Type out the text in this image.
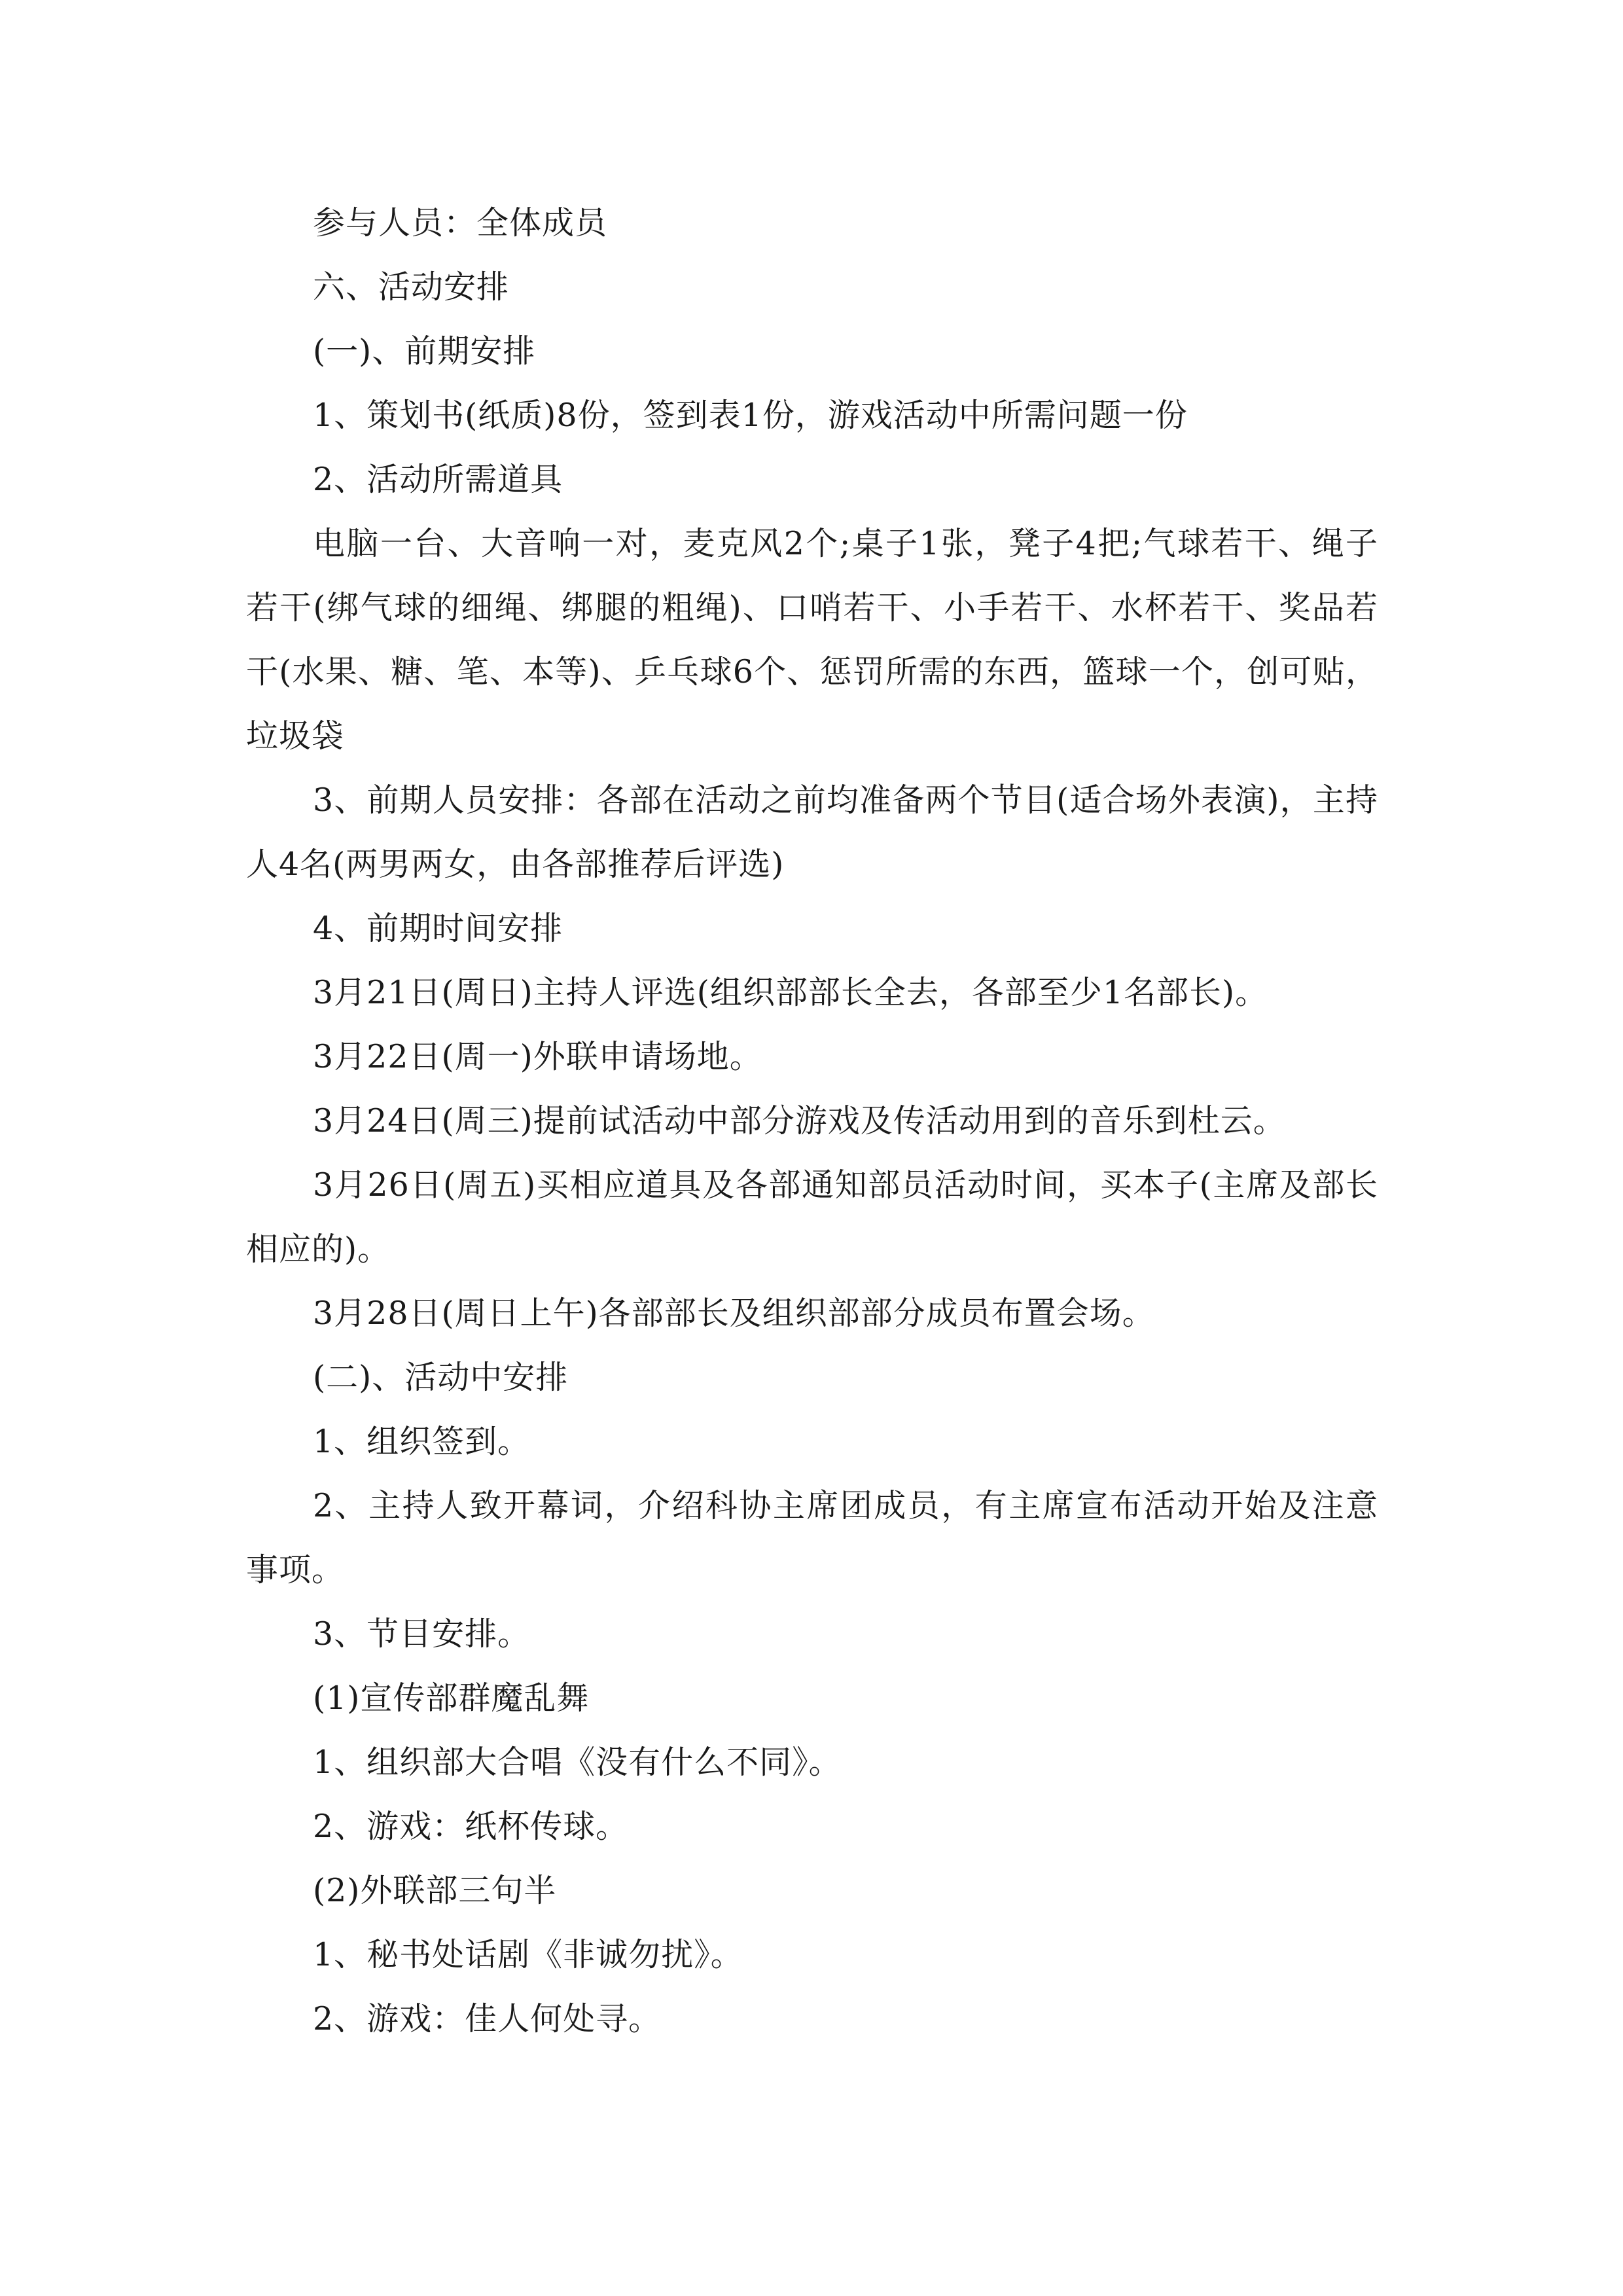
参与人员：全体成员

六、活动安排

(一)、前期安排

1、策划书(纸质)8份，签到表1份，游戏活动中所需问题一份

2、活动所需道具

电脑一台、大音响一对，麦克风2个;桌子1张，凳子4把;气球若干、绳子若干(绑气球的细绳、绑腿的粗绳)、口哨若干、小手若干、水杯若干、奖品若干(水果、糖、笔、本等)、乒乓球6个、惩罚所需的东西，篮球一个，创可贴，垃圾袋

3、前期人员安排：各部在活动之前均准备两个节目(适合场外表演)，主持人4名(两男两女，由各部推荐后评选)

4、前期时间安排

3月21日(周日)主持人评选(组织部部长全去，各部至少1名部长)。

3月22日(周一)外联申请场地。

3月24日(周三)提前试活动中部分游戏及传活动用到的音乐到杜云。

3月26日(周五)买相应道具及各部通知部员活动时间，买本子(主席及部长相应的)。

3月28日(周日上午)各部部长及组织部部分成员布置会场。

(二)、活动中安排

1、组织签到。

2、主持人致开幕词，介绍科协主席团成员，有主席宣布活动开始及注意事项。

3、节目安排。

(1)宣传部群魔乱舞

1、组织部大合唱《没有什么不同》。

2、游戏：纸杯传球。

(2)外联部三句半

1、秘书处话剧《非诚勿扰》。

2、游戏：佳人何处寻。
